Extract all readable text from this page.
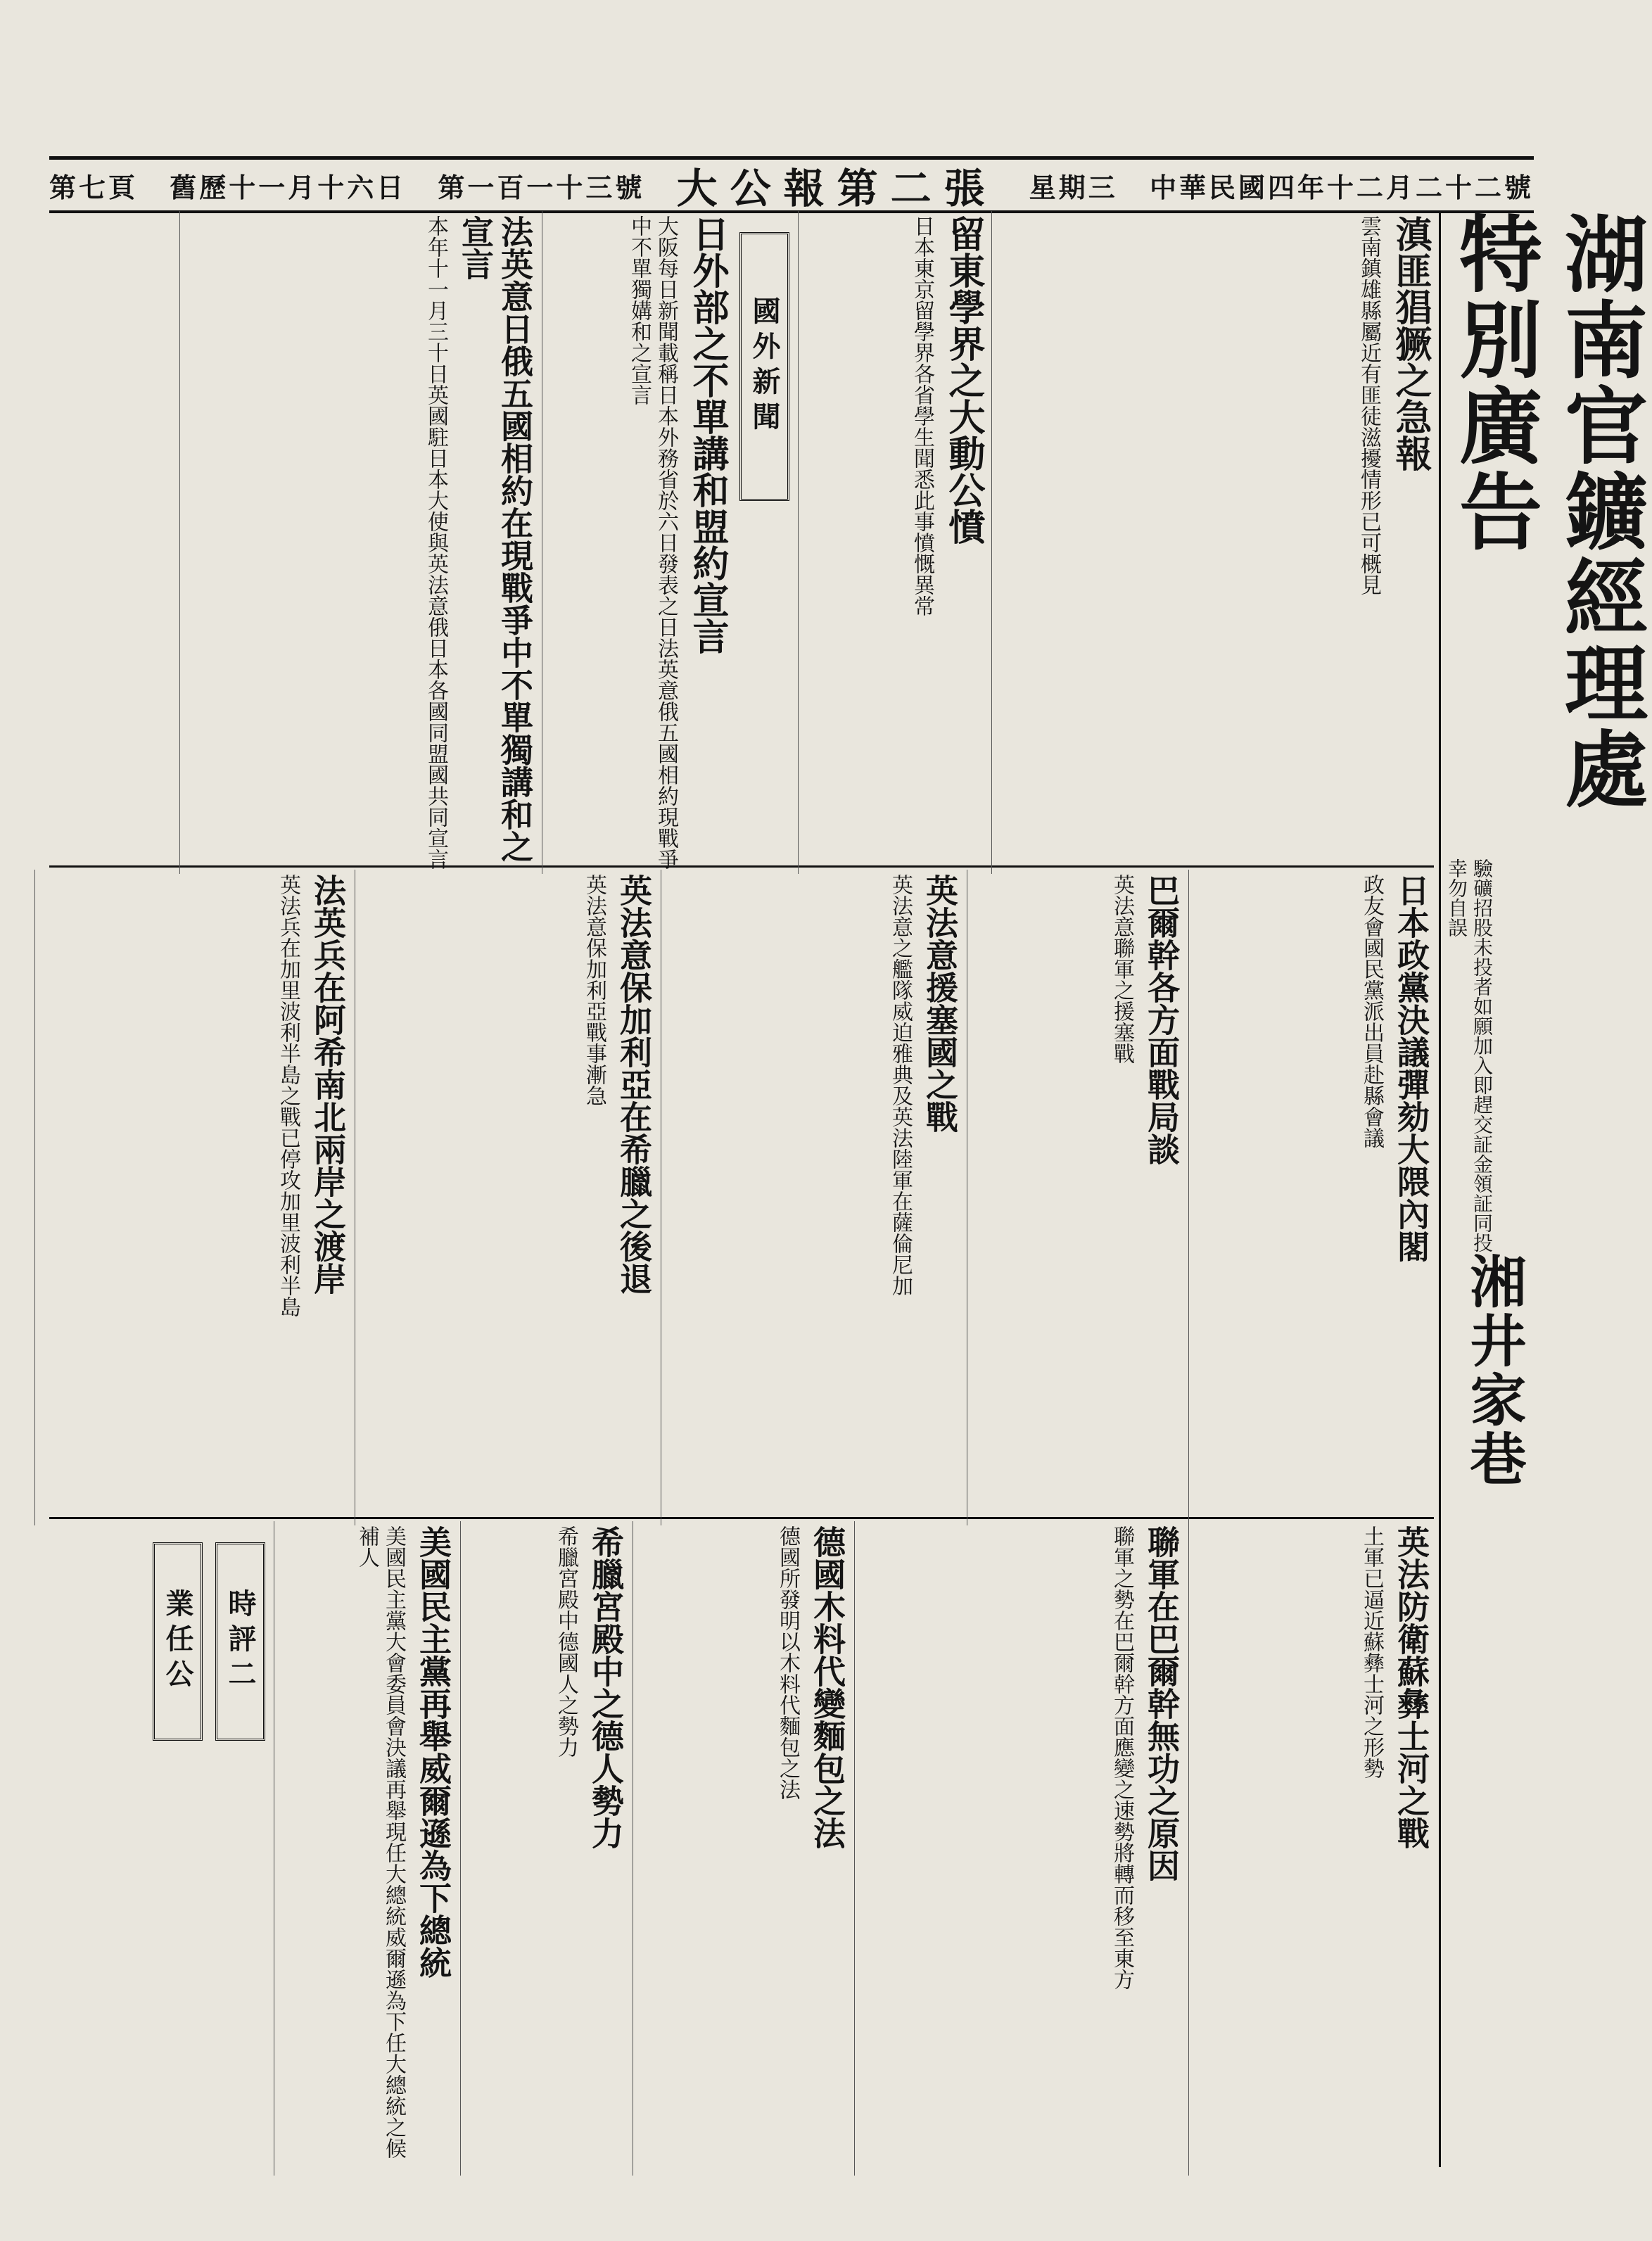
中華民國四年十二月二十二號
星期三
大公報第二張
第一百一十三號
舊歷十一月十六日
第七頁
湖南官鑛經理處特別廣告
驗礦招股未投者如願加入即趕交証金領証同投幸勿自誤
湘井家巷
滇匪猖獗之急報
雲南鎮雄縣屬近有匪徒滋擾情形已可概見
留東學界之大動公憤
日本東京留學界各省學生聞悉此事憤慨異常
國外新聞
日外部之不單講和盟約宣言
大阪每日新聞載稱日本外務省於六日發表之日法英意俄五國相約現戰爭中不單獨媾和之宣言
法英意日俄五國相約在現戰爭中不單獨講和之宣言
本年十一月三十日英國駐日本大使與英法意俄日本各國同盟國共同宣言
日本政黨決議彈劾大隈內閣
政友會國民黨派出員赴縣會議
巴爾幹各方面戰局談
英法意聯軍之援塞戰
英法意援塞國之戰
英法意之艦隊威迫雅典及英法陸軍在薩倫尼加
英法意保加利亞在希臘之後退
英法意保加利亞戰事漸急
法英兵在阿希南北兩岸之渡岸
英法兵在加里波利半島之戰已停攻加里波利半島
英法防衛蘇彝士河之戰
土軍已逼近蘇彝士河之形勢
聯軍在巴爾幹無功之原因
聯軍之勢在巴爾幹方面應變之速勢將轉而移至東方
德國木料代變麵包之法
德國所發明以木料代麵包之法
希臘宮殿中之德人勢力
希臘宮殿中德國人之勢力
美國民主黨再舉威爾遜為下總統
美國民主黨大會委員會決議再舉現任大總統威爾遜為下任大總統之候補人
時評二
業任公
